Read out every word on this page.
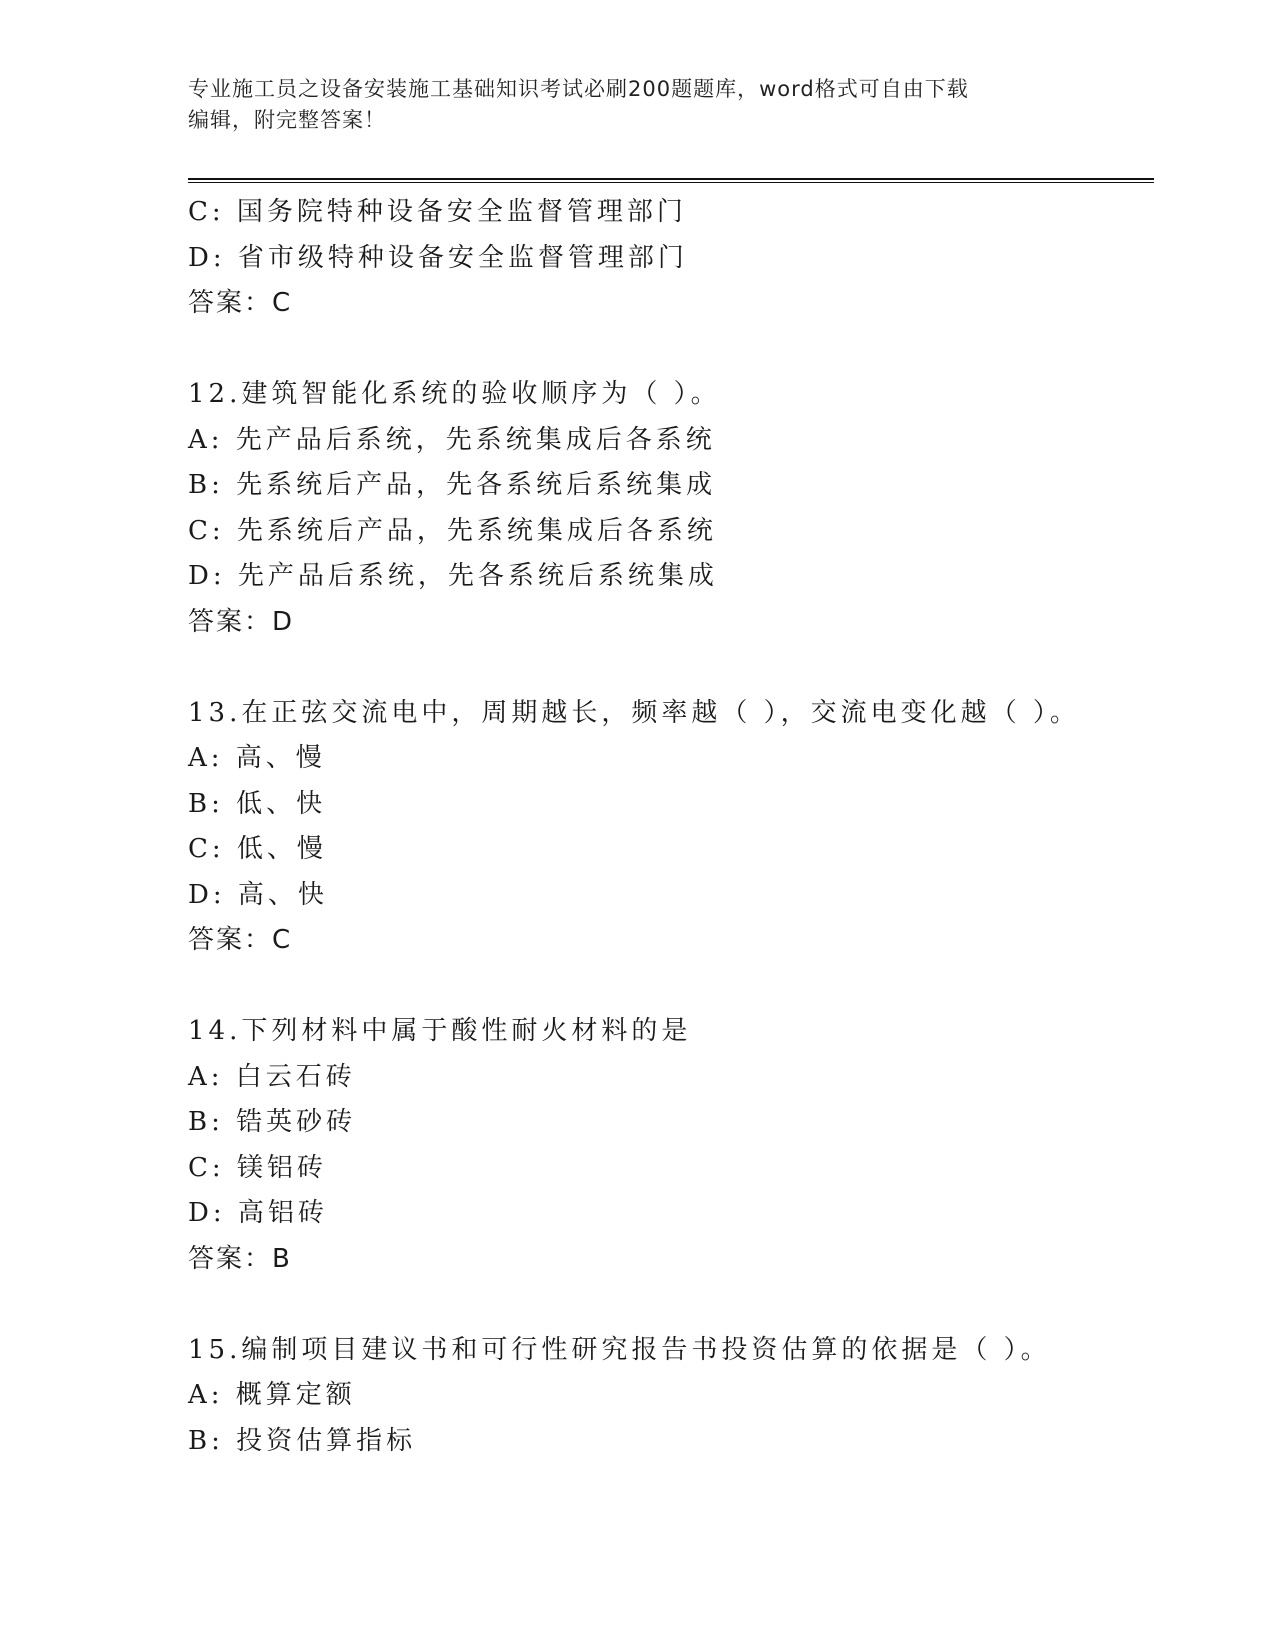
专业施工员之设备安装施工基础知识考试必刷200题题库，word格式可自由下载
编辑，附完整答案！
C: 国务院特种设备安全监督管理部门
D: 省市级特种设备安全监督管理部门
答案：C
12.建筑智能化系统的验收顺序为（ ）。
A: 先产品后系统，先系统集成后各系统
B: 先系统后产品，先各系统后系统集成
C: 先系统后产品，先系统集成后各系统
D: 先产品后系统，先各系统后系统集成
答案：D
13.在正弦交流电中，周期越长，频率越（ ），交流电变化越（ ）。
A: 高、慢
B: 低、快
C: 低、慢
D: 高、快
答案：C
14.下列材料中属于酸性耐火材料的是
A: 白云石砖
B: 锆英砂砖
C: 镁铝砖
D: 高铝砖
答案：B
15.编制项目建议书和可行性研究报告书投资估算的依据是（ ）。
A: 概算定额
B: 投资估算指标
